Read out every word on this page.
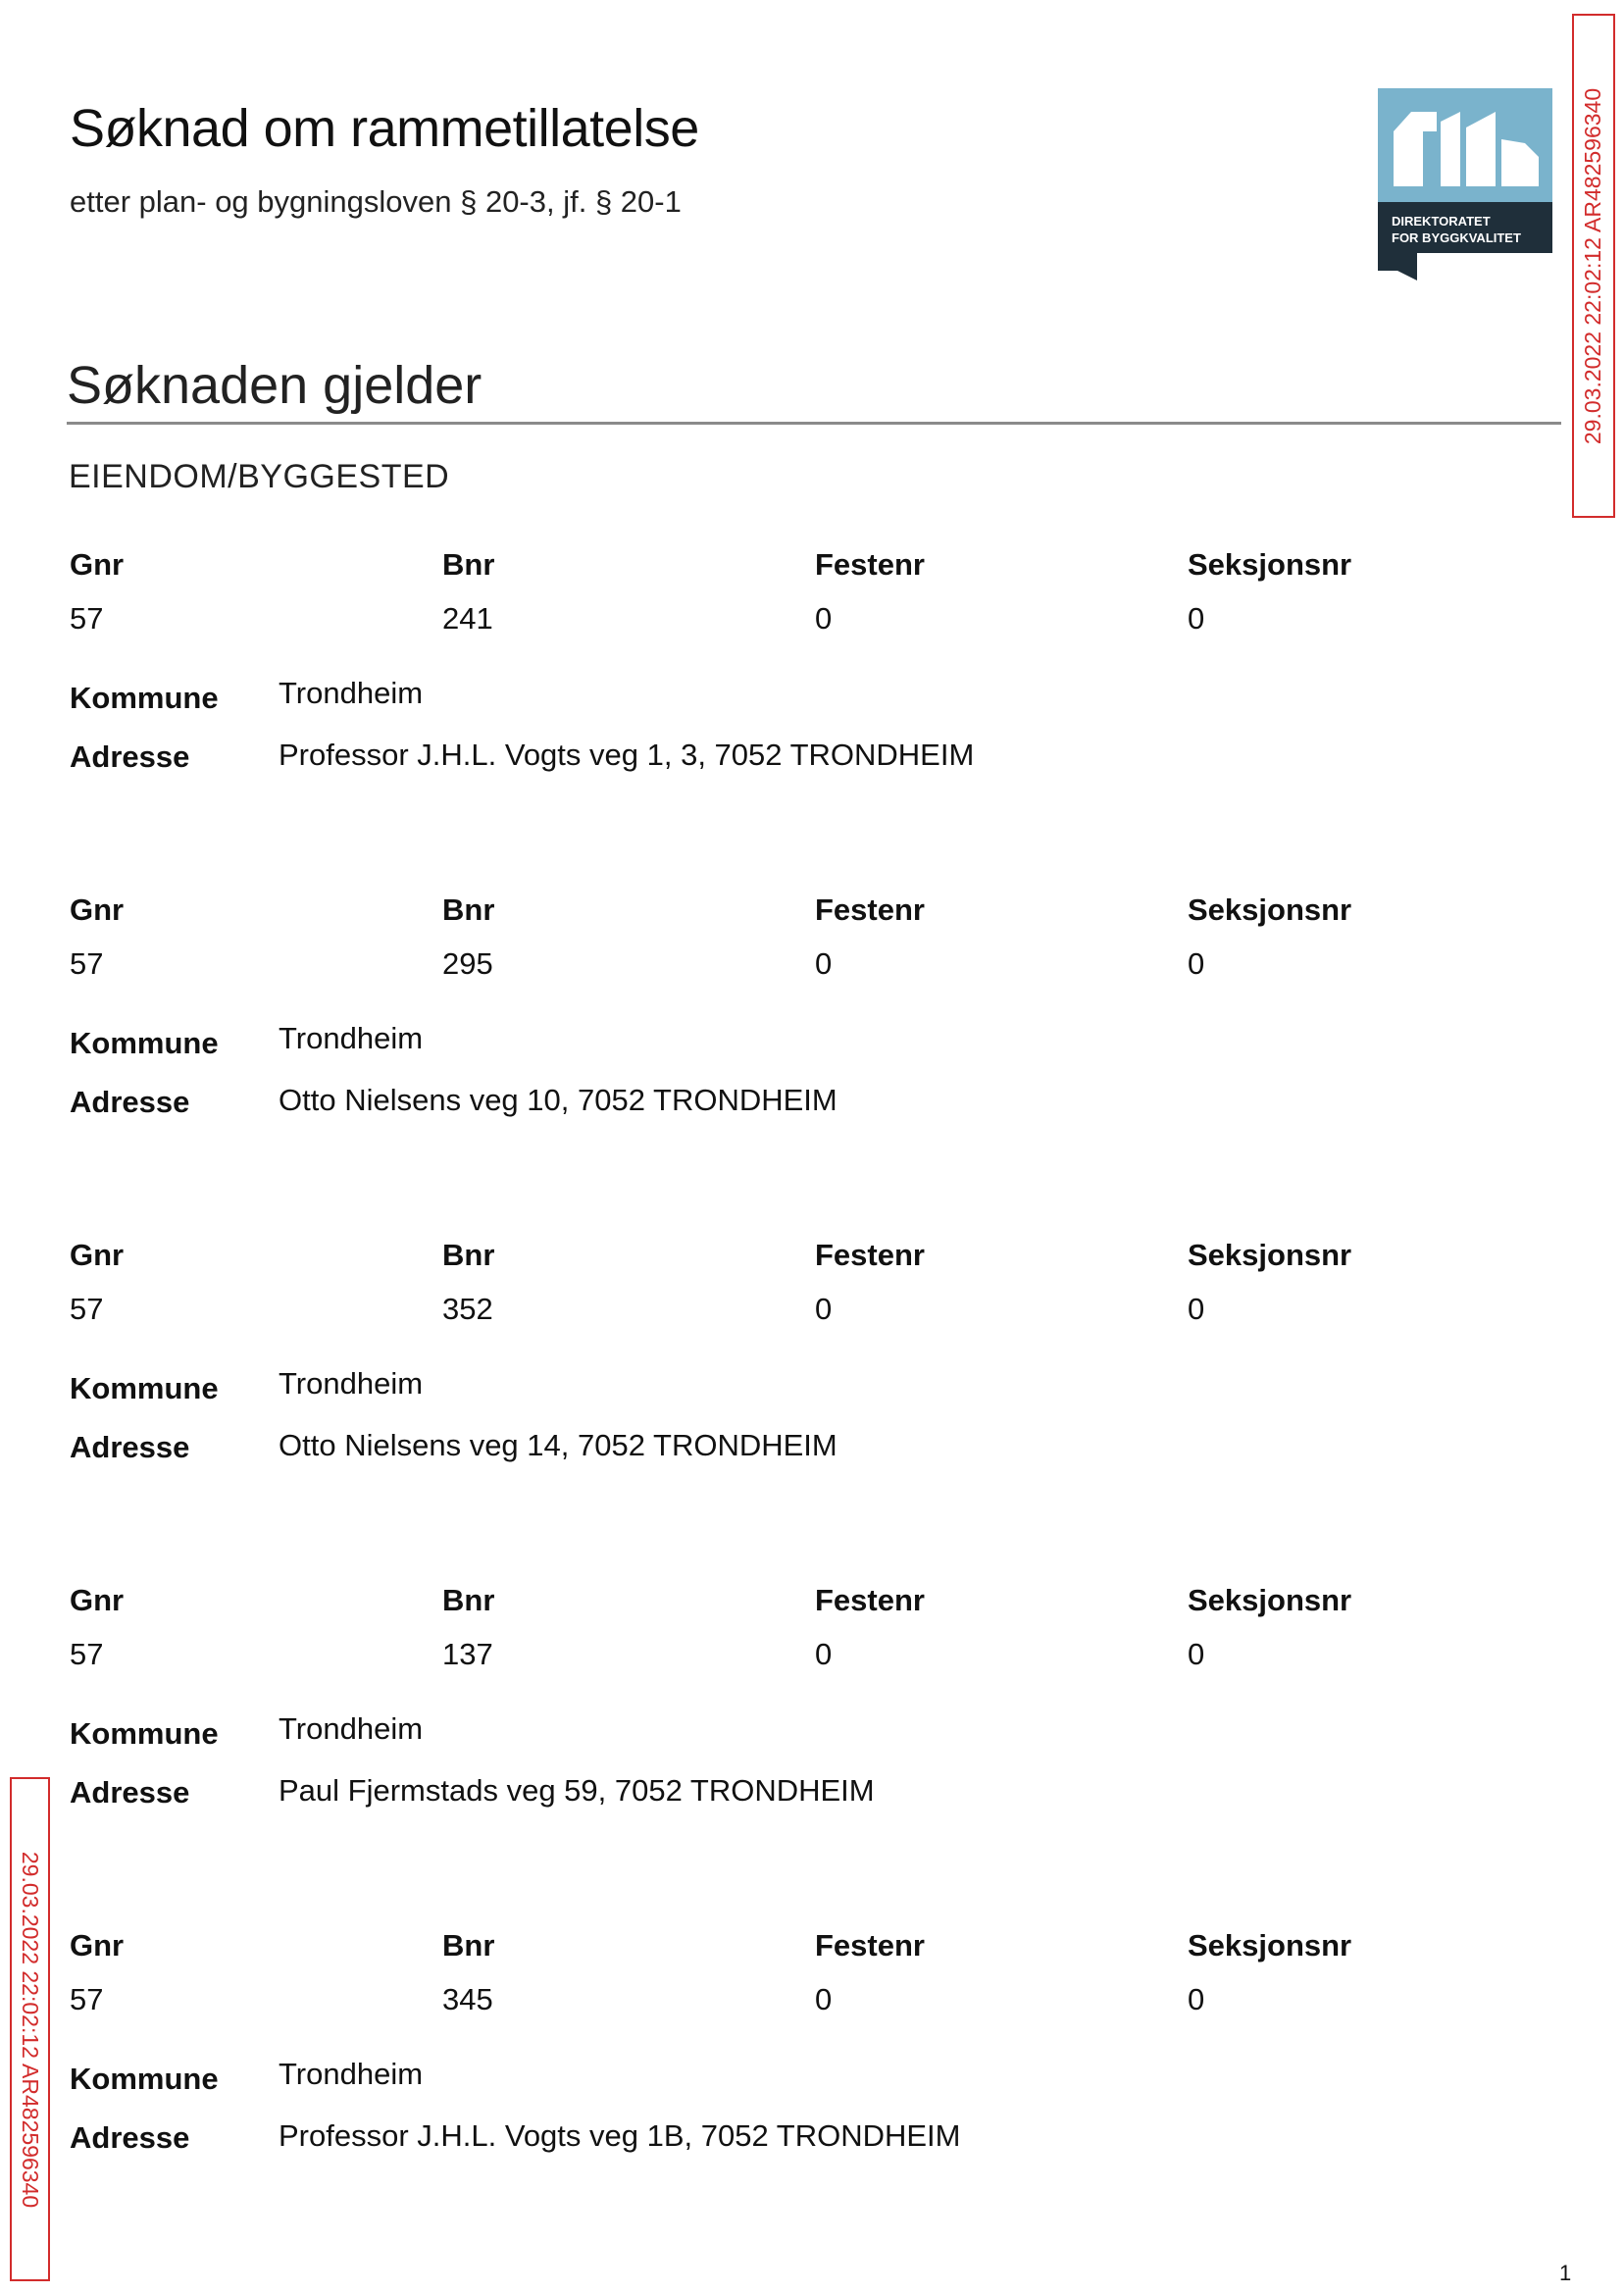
Søknad om rammetillatelse
etter plan- og bygningsloven § 20-3, jf. § 20-1
DIREKTORATET
FOR BYGGKVALITET
Søknaden gjelder
EIENDOM/BYGGESTED
Gnr	Bnr	Festenr	Seksjonsnr
57	241	0	0
Kommune Trondheim
Adresse	Professor J.H.L. Vogts veg 1, 3, 7052 TRONDHEIM
Gnr	Bnr	Festenr	Seksjonsnr
57	295	0	0
Kommune Trondheim
Adresse	Otto Nielsens veg 10, 7052 TRONDHEIM
Gnr	Bnr	Festenr	Seksjonsnr
57	352	0	0
Kommune Trondheim
Adresse	Otto Nielsens veg 14, 7052 TRONDHEIM
Gnr	Bnr	Festenr	Seksjonsnr
57	137	0	0
Kommune Trondheim
Adresse	Paul Fjermstads veg 59, 7052 TRONDHEIM
Gnr	Bnr	Festenr	Seksjonsnr
57	345	0	0
Kommune Trondheim
Adresse	Professor J.H.L. Vogts veg 1B, 7052 TRONDHEIM
29.03.2022 22:02:12 AR482596340
29.03.2022 22:02:12 AR482596340
1
